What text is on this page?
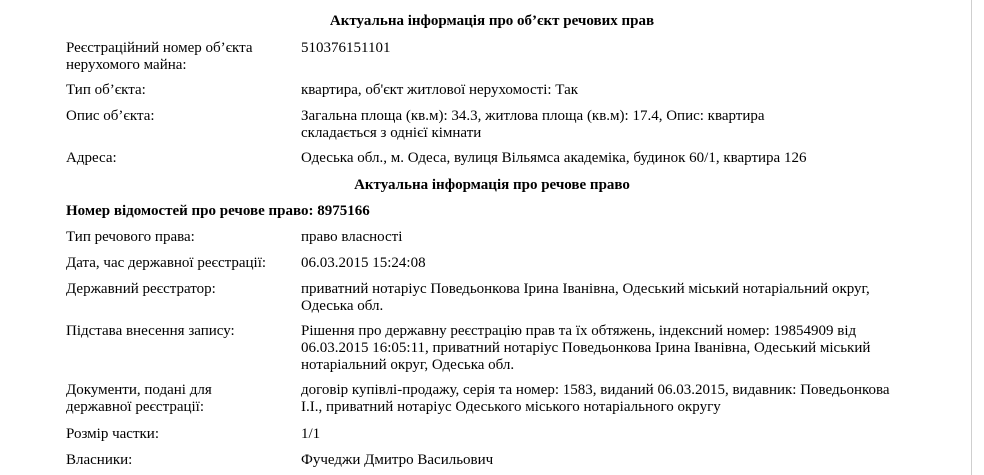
Актуальна інформація про об’єкт речових прав
Реєстраційний номер об’єкта нерухомого майна:
510376151101
Тип об’єкта:	квартира, об'єкт житлової нерухомості: Так
Опис об’єкта:	Загальна площа (кв.м): 34.3, житлова площа (кв.м): 17.4, Опис: квартира складається з однієї кімнати
Адреса:	Одеська обл., м. Одеса, вулиця Вільямса академіка, будинок 60/1, квартира 126
Актуальна інформація про речове право
Номер відомостей про речове право: 8975166
Тип речового права:	право власності
Дата, час державної реєстрації:	06.03.2015 15:24:08
Державний реєстратор:	приватний нотаріус Поведьонкова Ірина Іванівна, Одеський міський нотаріальний округ, Одеська обл.
Підстава внесення запису:	Рішення про державну реєстрацію прав та їх обтяжень, індексний номер: 19854909 від 06.03.2015 16:05:11, приватний нотаріус Поведьонкова Ірина Іванівна, Одеський міський нотаріальний округ, Одеська обл.
Документи, подані для державної реєстрації:
договір купівлі-продажу, серія та номер: 1583, виданий 06.03.2015, видавник: Поведьонкова І.І., приватний нотаріус Одеського міського нотаріального округу
Розмір частки:	1/1
Власники:	Фучеджи Дмитро Васильович
